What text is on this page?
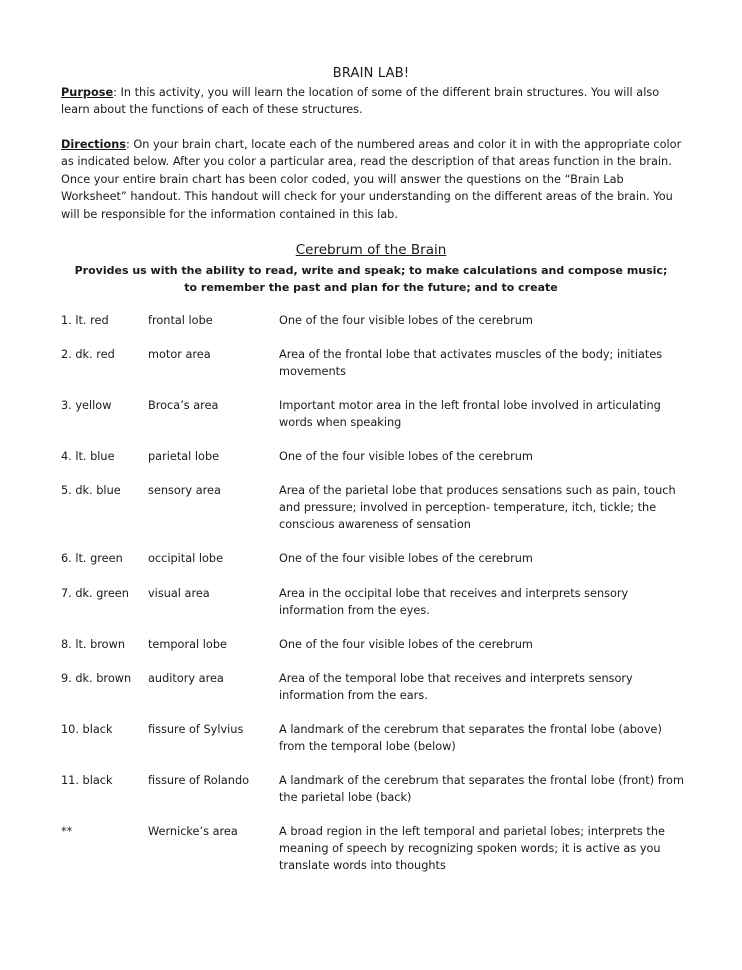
BRAIN LAB!

Purpose: In this activity, you will learn the location of some of the different brain structures. You will also learn about the functions of each of these structures.

Directions: On your brain chart, locate each of the numbered areas and color it in with the appropriate color as indicated below. After you color a particular area, read the description of that areas function in the brain. Once your entire brain chart has been color coded, you will answer the questions on the “Brain Lab Worksheet” handout. This handout will check for your understanding on the different areas of the brain. You will be responsible for the information contained in this lab.

Cerebrum of the Brain
Provides us with the ability to read, write and speak; to make calculations and compose music; to remember the past and plan for the future; and to create
1. lt. red	frontal lobe	One of the four visible lobes of the cerebrum
2. dk. red	motor area	Area of the frontal lobe that activates muscles of the body; initiates movements
3. yellow	Broca’s area	Important motor area in the left frontal lobe involved in articulating words when speaking
4. lt. blue	parietal lobe	One of the four visible lobes of the cerebrum
5. dk. blue	sensory area	Area of the parietal lobe that produces sensations such as pain, touch and pressure; involved in perception- temperature, itch, tickle; the conscious awareness of sensation
6. lt. green	occipital lobe	One of the four visible lobes of the cerebrum
7. dk. green	visual area	Area in the occipital lobe that receives and interprets sensory information from the eyes.
8. lt. brown	temporal lobe	One of the four visible lobes of the cerebrum
9. dk. brown	auditory area	Area of the temporal lobe that receives and interprets sensory information from the ears.
10. black	fissure of Sylvius	A landmark of the cerebrum that separates the frontal lobe (above) from the temporal lobe (below)
11. black	fissure of Rolando	A landmark of the cerebrum that separates the frontal lobe (front) from the parietal lobe (back)
**	Wernicke’s area	A broad region in the left temporal and parietal lobes; interprets the meaning of speech by recognizing spoken words; it is active as you translate words into thoughts
